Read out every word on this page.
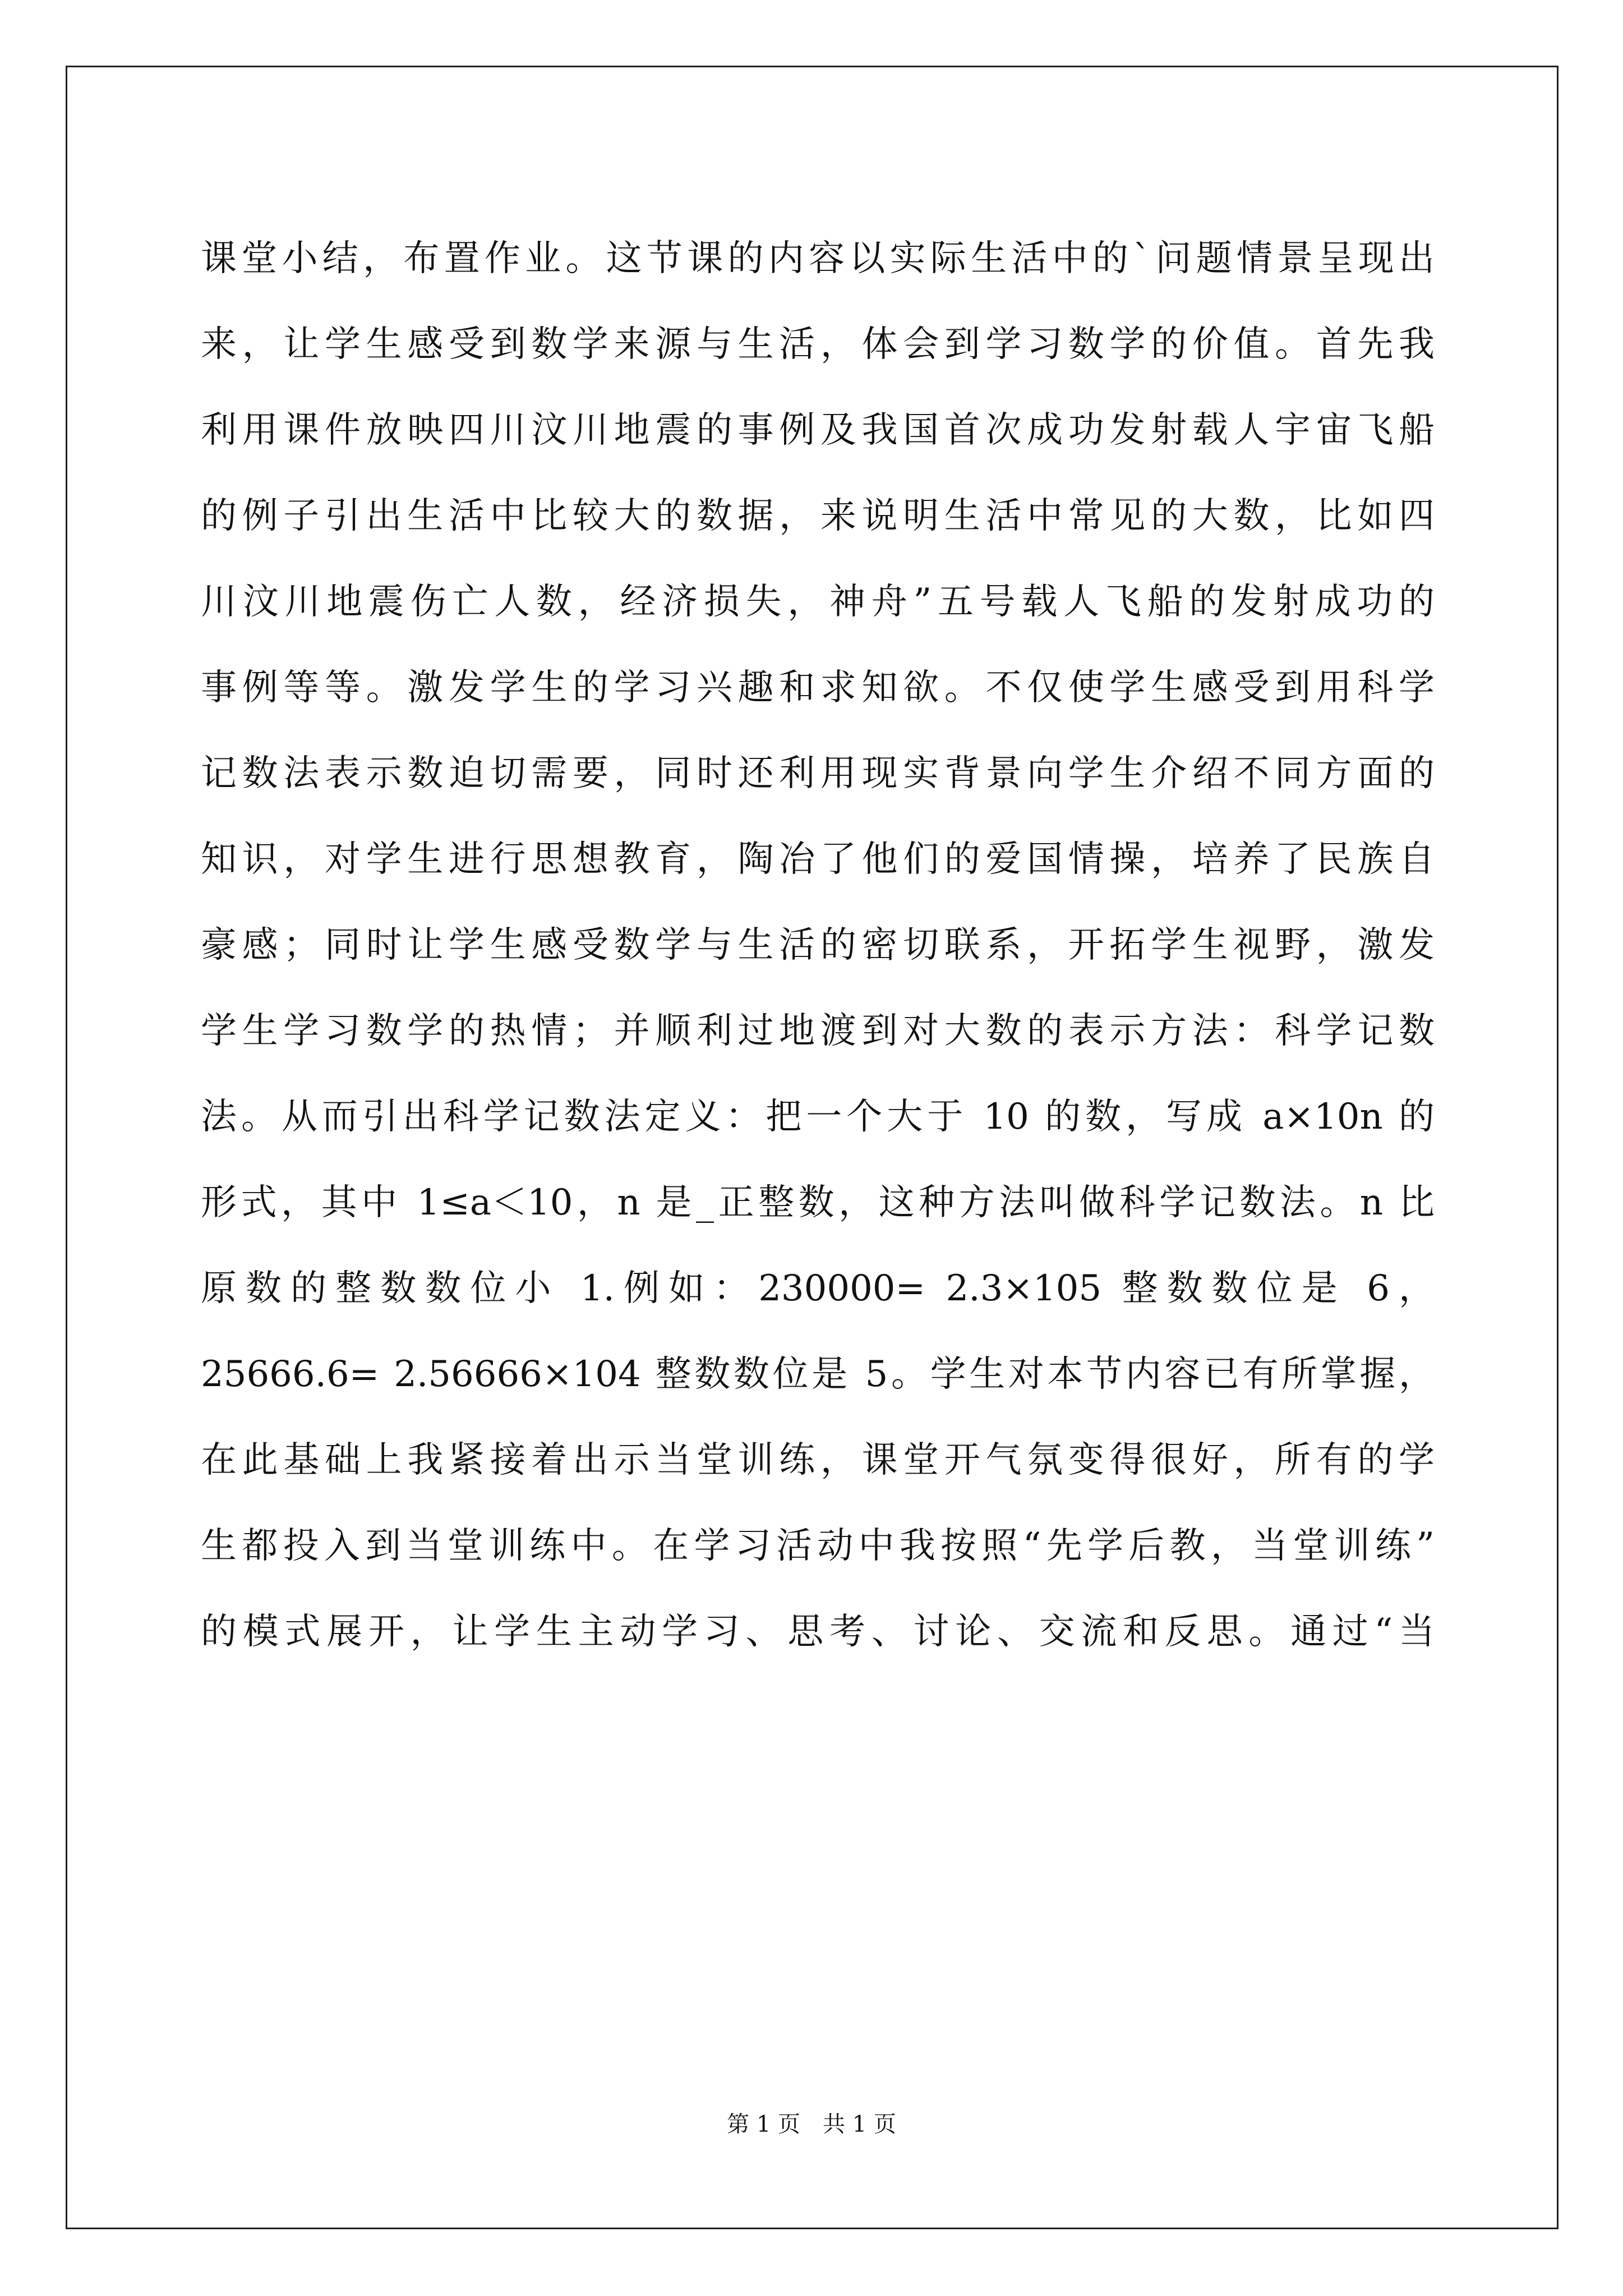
课堂小结，布置作业。这节课的内容以实际生活中的`问题情景呈现出
来，让学生感受到数学来源与生活，体会到学习数学的价值。首先我
利用课件放映四川汶川地震的事例及我国首次成功发射载人宇宙飞船
的例子引出生活中比较大的数据，来说明生活中常见的大数，比如四
川汶川地震伤亡人数，经济损失，神舟”五号载人飞船的发射成功的
事例等等。激发学生的学习兴趣和求知欲。不仅使学生感受到用科学
记数法表示数迫切需要，同时还利用现实背景向学生介绍不同方面的
知识，对学生进行思想教育，陶冶了他们的爱国情操，培养了民族自
豪感；同时让学生感受数学与生活的密切联系，开拓学生视野，激发
学生学习数学的热情；并顺利过地渡到对大数的表示方法：科学记数
法。从而引出科学记数法定义：把一个大于 10 的数，写成 a×10n 的
形式，其中 1≤a＜10，n 是_正整数，这种方法叫做科学记数法。n 比
原数的整数数位小 1.例如：230000= 2.3×105 整数数位是 6，
25666.6= 2.56666×104 整数数位是 5。学生对本节内容已有所掌握，
在此基础上我紧接着出示当堂训练，课堂开气氛变得很好，所有的学
生都投入到当堂训练中。在学习活动中我按照“先学后教，当堂训练”
的模式展开，让学生主动学习、思考、讨论、交流和反思。通过“当
第 1 页　共 1 页
